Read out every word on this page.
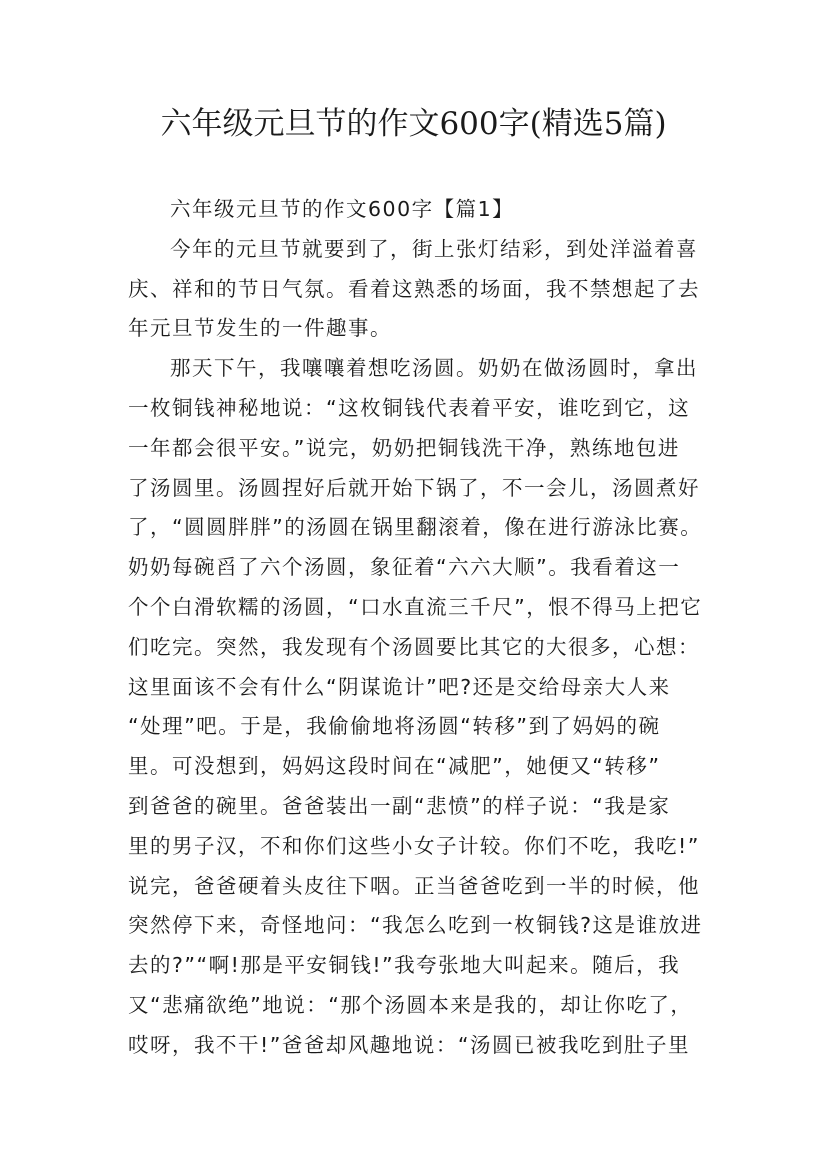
六年级元旦节的作文600字(精选5篇)
六年级元旦节的作文600字【篇1】
今年的元旦节就要到了，街上张灯结彩，到处洋溢着喜
庆、祥和的节日气氛。看着这熟悉的场面，我不禁想起了去
年元旦节发生的一件趣事。
那天下午，我嚷嚷着想吃汤圆。奶奶在做汤圆时，拿出
一枚铜钱神秘地说：“这枚铜钱代表着平安，谁吃到它，这
一年都会很平安。”说完，奶奶把铜钱洗干净，熟练地包进
了汤圆里。汤圆捏好后就开始下锅了，不一会儿，汤圆煮好
了，“圆圆胖胖”的汤圆在锅里翻滚着，像在进行游泳比赛。
奶奶每碗舀了六个汤圆，象征着“六六大顺”。我看着这一
个个白滑软糯的汤圆，“口水直流三千尺”，恨不得马上把它
们吃完。突然，我发现有个汤圆要比其它的大很多，心想：
这里面该不会有什么“阴谋诡计”吧?还是交给母亲大人来
“处理”吧。于是，我偷偷地将汤圆“转移”到了妈妈的碗
里。可没想到，妈妈这段时间在“减肥”，她便又“转移”
到爸爸的碗里。爸爸装出一副“悲愤”的样子说：“我是家
里的男子汉，不和你们这些小女子计较。你们不吃，我吃!”
说完，爸爸硬着头皮往下咽。正当爸爸吃到一半的时候，他
突然停下来，奇怪地问：“我怎么吃到一枚铜钱?这是谁放进
去的?”“啊!那是平安铜钱!”我夸张地大叫起来。随后，我
又“悲痛欲绝”地说：“那个汤圆本来是我的，却让你吃了，
哎呀，我不干!”爸爸却风趣地说：“汤圆已被我吃到肚子里
